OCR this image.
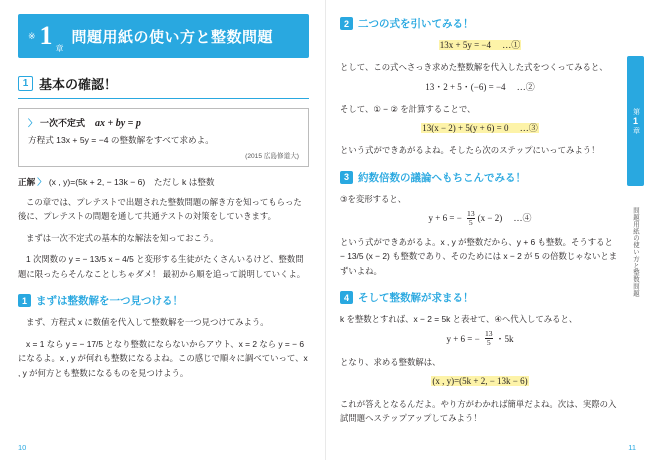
※ 1 章
問題用紙の使い方と整数問題
1 基本の確認！
〉 一次不定式 ax + by = p
方程式 13x + 5y = −4 の整数解をすべて求めよ。
(2015 広島修道大)
正解 〉 (x , y)=(5k + 2, − 13k − 6)　ただし k は整数

この章では、プレテストで出題された整数問題の解き方を知ってもらった後に、プレテストの問題を通して共通テストの対策をしていきます。

まずは一次不定式の基本的な解法を知っておこう。

1 次関数の y = − 13/5 x − 4/5 と変形する生徒がたくさんいるけど、整数問題に限ったらそんなことしちゃダメ！ 最初から順を追って説明していくよ。

1 まずは整数解を一つ見つける！

まず、方程式 x に数値を代入して整数解を一つ見つけてみよう。

x = 1 なら y = − 17/5 となり整数にならないからアウト、x = 2 なら y = − 6 になるよ。x , y が何れも整数になるよね。この感じで順々に調べていって、x , y が何方とも整数になるものを見つけよう。

10
2 二つの式を引いてみる！
13x + 5y = −4 　…①

として、この式へさっき求めた整数解を代入した式をつくってみると、

13・2 + 5・(−6) = −4 　…②

そして、① − ② を計算することで、

13(x − 2) + 5(y + 6) = 0 　…③

という式ができあがるよね。そしたら次のステップにいってみよう！

3 約数倍数の議論へもちこんでみる！

③を変形すると、

y + 6 = − $\frac{13}{5} (x - 2)$ 　…④

という式ができあがるよ。x , y が整数だから、y + 6 も整数。そうすると − 13/5 (x − 2) も整数であり、そのためには x − 2 が 5 の倍数じゃないとまずいよね。

4 そして整数解が求まる！

k を整数とすれば、x − 2 = 5k と表せて、④へ代入してみると、

y + 6 = − $\frac{13}{5}$ ・5k

となり、求める整数解は、

(x , y)=(5k + 2, − 13k − 6)

これが答えとなるんだよ。やり方がわかれば簡単だよね。次は、実際の入試問題へステップアップしてみよう！

第
1
章
問題用紙の使い方と整数問題
11
